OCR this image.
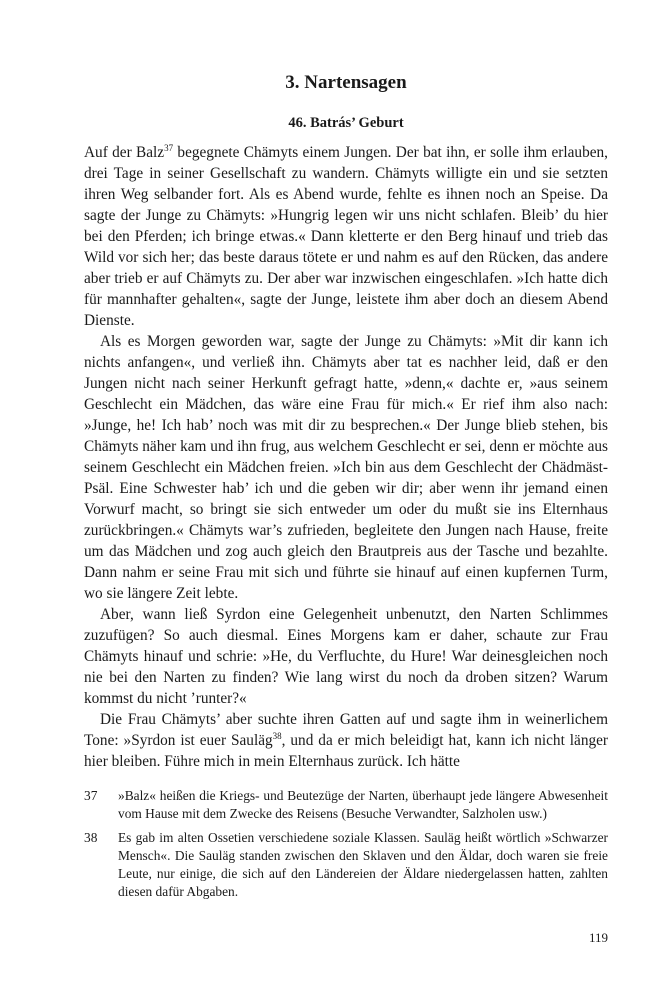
3. Nartensagen
46. Batrás’ Geburt

Auf der Balz$^{37}$ begegnete Chämyts einem Jungen. Der bat ihn, er solle ihm erlauben, drei Tage in seiner Gesellschaft zu wandern. Chämyts willigte ein und sie setzten ihren Weg selbander fort. Als es Abend wurde, fehlte es ihnen noch an Speise. Da sagte der Junge zu Chämyts: »Hungrig legen wir uns nicht schlafen. Bleib’ du hier bei den Pferden; ich bringe etwas.« Dann kletterte er den Berg hinauf und trieb das Wild vor sich her; das beste daraus tötete er und nahm es auf den Rücken, das andere aber trieb er auf Chämyts zu. Der aber war inzwischen eingeschlafen. »Ich hatte dich für mannhafter gehalten«, sagte der Junge, leistete ihm aber doch an diesem Abend Dienste.

Als es Morgen geworden war, sagte der Junge zu Chämyts: »Mit dir kann ich nichts anfangen«, und verließ ihn. Chämyts aber tat es nachher leid, daß er den Jungen nicht nach seiner Herkunft gefragt hatte, »denn,« dachte er, »aus seinem Geschlecht ein Mädchen, das wäre eine Frau für mich.« Er rief ihm also nach: »Junge, he! Ich hab’ noch was mit dir zu besprechen.« Der Junge blieb stehen, bis Chämyts näher kam und ihn frug, aus welchem Geschlecht er sei, denn er möchte aus seinem Geschlecht ein Mädchen freien. »Ich bin aus dem Geschlecht der Chädmäst-Psäl. Eine Schwester hab’ ich und die geben wir dir; aber wenn ihr jemand einen Vorwurf macht, so bringt sie sich entweder um oder du mußt sie ins Elternhaus zurückbringen.« Chämyts war’s zufrieden, begleitete den Jungen nach Hause, freite um das Mädchen und zog auch gleich den Brautpreis aus der Tasche und bezahlte. Dann nahm er seine Frau mit sich und führte sie hinauf auf einen kupfernen Turm, wo sie längere Zeit lebte.

Aber, wann ließ Syrdon eine Gelegenheit unbenutzt, den Narten Schlimmes zuzufügen? So auch diesmal. Eines Morgens kam er daher, schaute zur Frau Chämyts hinauf und schrie: »He, du Verfluchte, du Hure! War deinesgleichen noch nie bei den Narten zu finden? Wie lang wirst du noch da droben sitzen? Warum kommst du nicht ’runter?«

Die Frau Chämyts’ aber suchte ihren Gatten auf und sagte ihm in weinerlichem Tone: »Syrdon ist euer Sauläg$^{38}$, und da er mich beleidigt hat, kann ich nicht länger hier bleiben. Führe mich in mein Elternhaus zurück. Ich hätte

37	»Balz« heißen die Kriegs- und Beutezüge der Narten, überhaupt jede längere Abwesenheit vom Hause mit dem Zwecke des Reisens (Besuche Verwandter, Salzholen usw.)
38	Es gab im alten Ossetien verschiedene soziale Klassen. Sauläg heißt wörtlich »Schwarzer Mensch«. Die Sauläg standen zwischen den Sklaven und den Äldar, doch waren sie freie Leute, nur einige, die sich auf den Ländereien der Äldare niedergelassen hatten, zahlten diesen dafür Abgaben.
119
